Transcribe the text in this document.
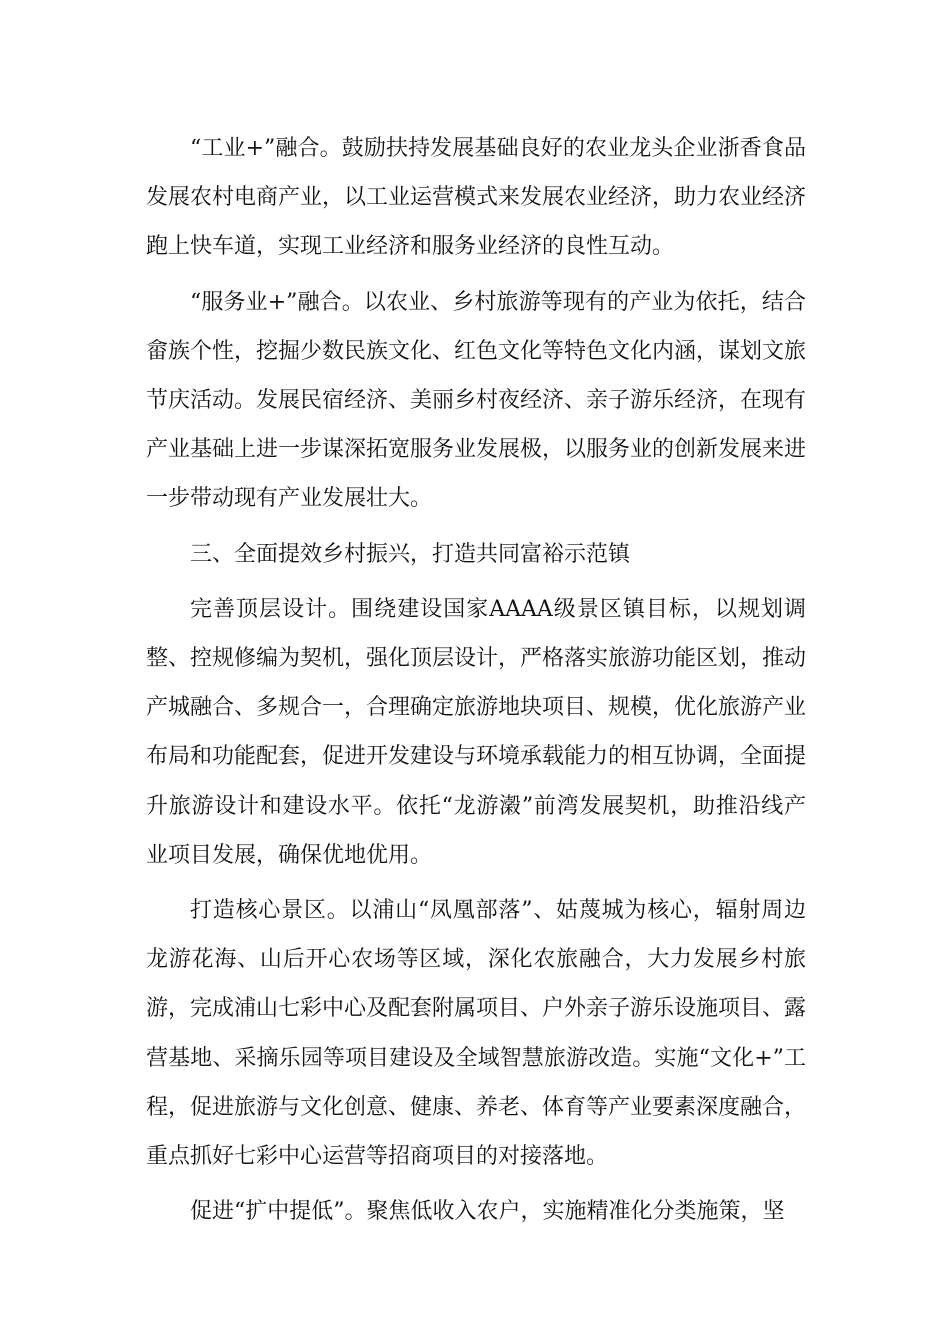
“工业+”融合。鼓励扶持发展基础良好的农业龙头企业浙香食品发展农村电商产业，以工业运营模式来发展农业经济，助力农业经济跑上快车道，实现工业经济和服务业经济的良性互动。

“服务业+”融合。以农业、乡村旅游等现有的产业为依托，结合畲族个性，挖掘少数民族文化、红色文化等特色文化内涵，谋划文旅节庆活动。发展民宿经济、美丽乡村夜经济、亲子游乐经济，在现有产业基础上进一步谋深拓宽服务业发展极，以服务业的创新发展来进一步带动现有产业发展壮大。

三、全面提效乡村振兴，打造共同富裕示范镇

完善顶层设计。围绕建设国家AAAA级景区镇目标，以规划调整、控规修编为契机，强化顶层设计，严格落实旅游功能区划，推动产城融合、多规合一，合理确定旅游地块项目、规模，优化旅游产业布局和功能配套，促进开发建设与环境承载能力的相互协调，全面提升旅游设计和建设水平。依托“龙游濲”前湾发展契机，助推沿线产业项目发展，确保优地优用。

打造核心景区。以浦山“凤凰部落”、姑蔑城为核心，辐射周边龙游花海、山后开心农场等区域，深化农旅融合，大力发展乡村旅游，完成浦山七彩中心及配套附属项目、户外亲子游乐设施项目、露营基地、采摘乐园等项目建设及全域智慧旅游改造。实施“文化+”工程，促进旅游与文化创意、健康、养老、体育等产业要素深度融合，重点抓好七彩中心运营等招商项目的对接落地。

促进“扩中提低”。聚焦低收入农户，实施精准化分类施策，坚
